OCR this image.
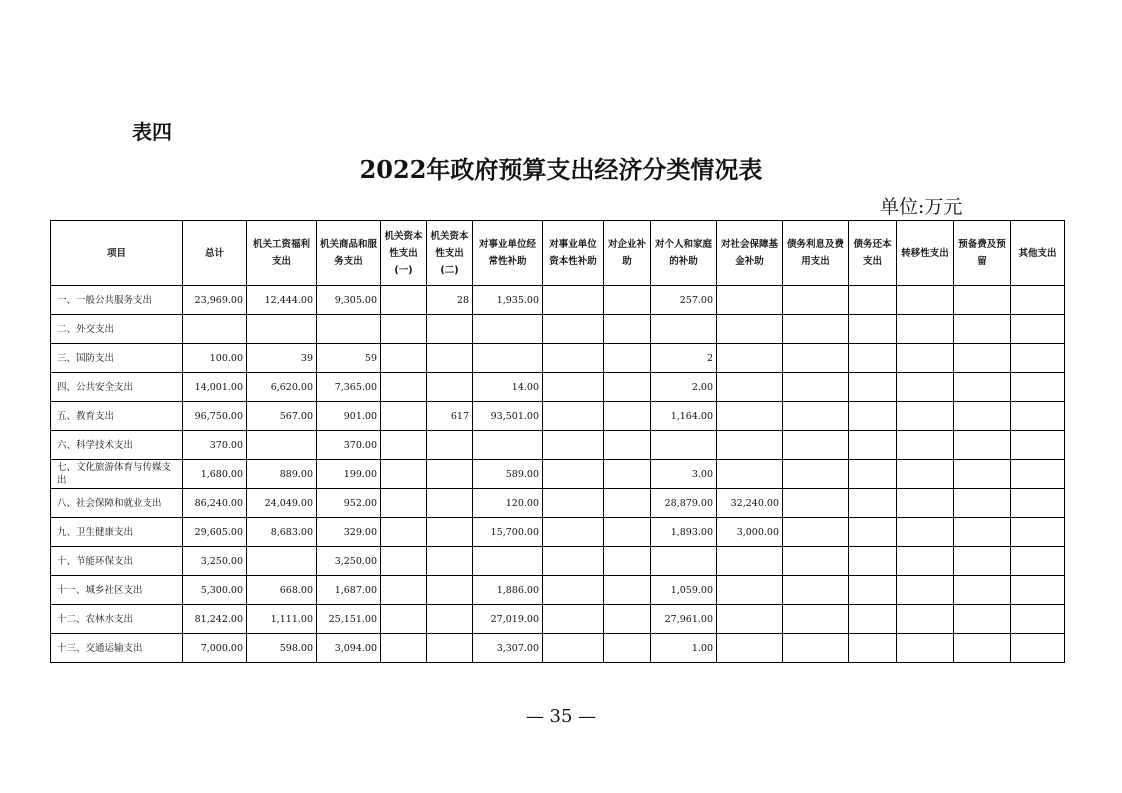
表四
2022年政府预算支出经济分类情况表
单位:万元
项目	总计	机关工资福利支出	机关商品和服务支出	机关资本性支出(一)	机关资本性支出(二)	对事业单位经常性补助	对事业单位资本性补助	对企业补助	对个人和家庭的补助	对社会保障基金补助	债务利息及费用支出	债务还本支出	转移性支出	预备费及预留	其他支出
一、一般公共服务支出	23,969.00	12,444.00	9,305.00		28	1,935.00			257.00						
二、外交支出															
三、国防支出	100.00	39	59						2						
四、公共安全支出	14,001.00	6,620.00	7,365.00			14.00			2.00						
五、教育支出	96,750.00	567.00	901.00		617	93,501.00			1,164.00						
六、科学技术支出	370.00		370.00												
七、文化旅游体育与传媒支出	1,680.00	889.00	199.00			589.00			3.00						
八、社会保障和就业支出	86,240.00	24,049.00	952.00			120.00			28,879.00	32,240.00					
九、卫生健康支出	29,605.00	8,683.00	329.00			15,700.00			1,893.00	3,000.00					
十、节能环保支出	3,250.00		3,250.00												
十一、城乡社区支出	5,300.00	668.00	1,687.00			1,886.00			1,059.00						
十二、农林水支出	81,242.00	1,111.00	25,151.00			27,019.00			27,961.00						
十三、交通运输支出	7,000.00	598.00	3,094.00			3,307.00			1.00						
— 35 —
